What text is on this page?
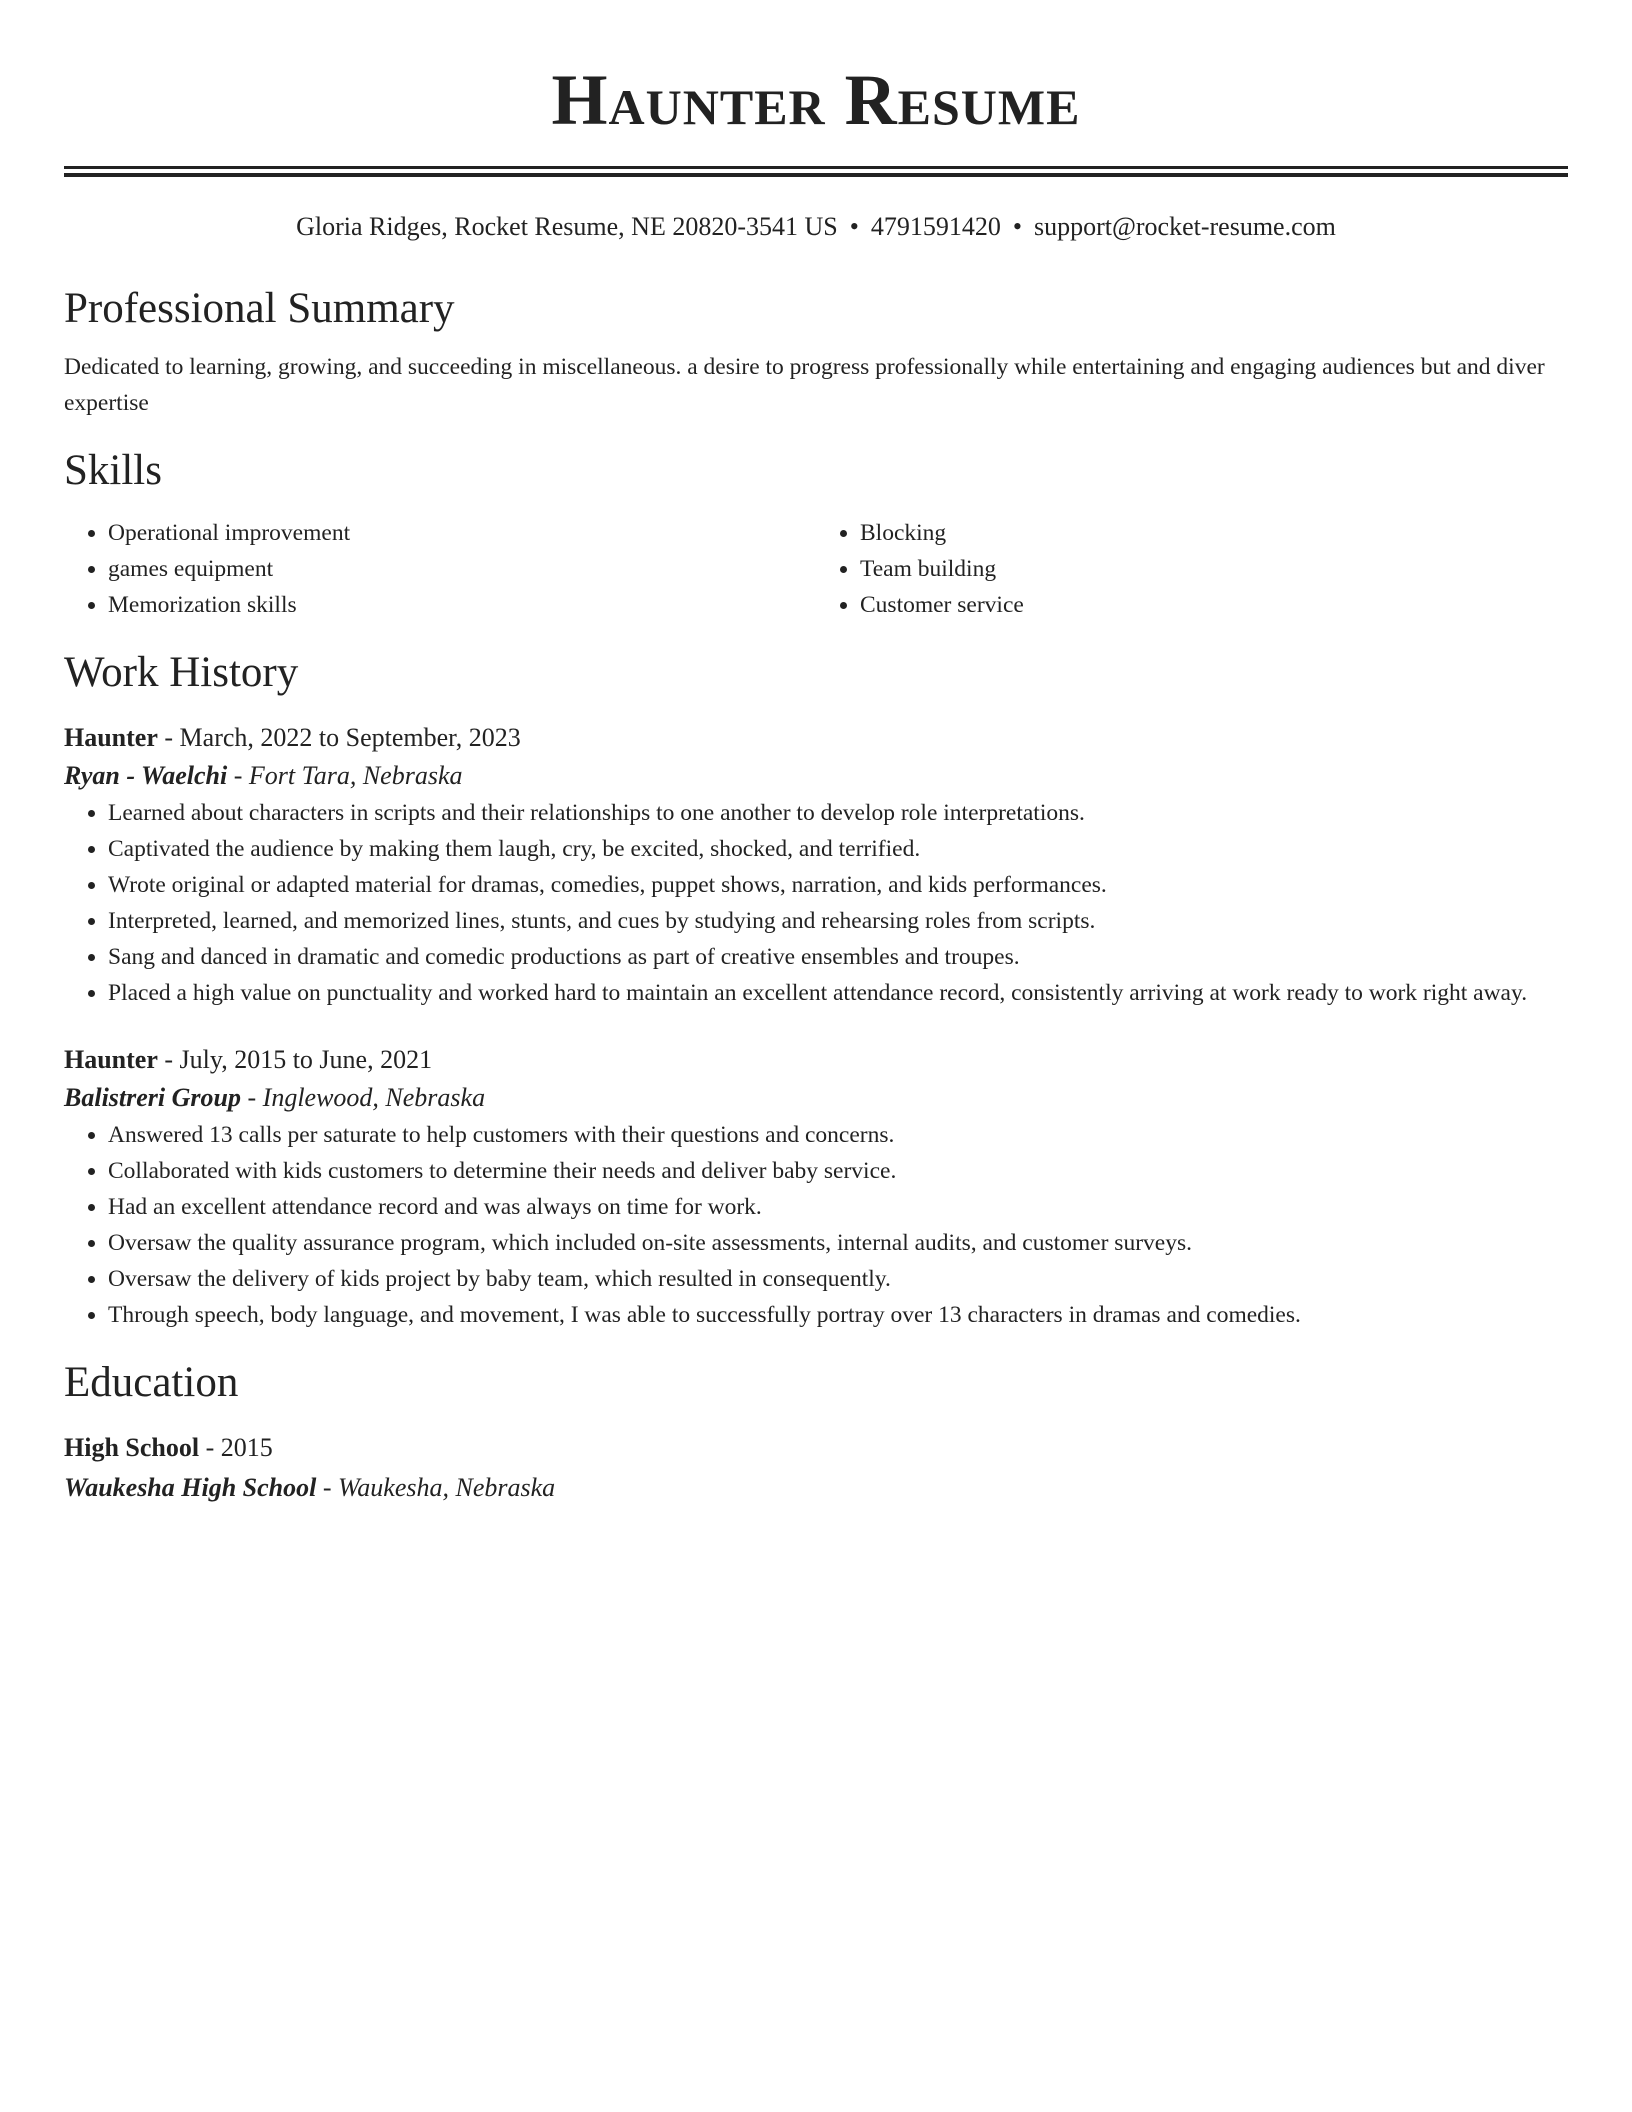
Haunter Resume
Gloria Ridges, Rocket Resume, NE 20820-3541 US • 4791591420 • support@rocket-resume.com
Professional Summary
Dedicated to learning, growing, and succeeding in miscellaneous. a desire to progress professionally while entertaining and engaging audiences but and diver expertise
Skills
• Operational improvement
• games equipment
• Memorization skills
• Blocking
• Team building
• Customer service
Work History
Haunter - March, 2022 to September, 2023
Ryan - Waelchi - Fort Tara, Nebraska
• Learned about characters in scripts and their relationships to one another to develop role interpretations.
• Captivated the audience by making them laugh, cry, be excited, shocked, and terrified.
• Wrote original or adapted material for dramas, comedies, puppet shows, narration, and kids performances.
• Interpreted, learned, and memorized lines, stunts, and cues by studying and rehearsing roles from scripts.
• Sang and danced in dramatic and comedic productions as part of creative ensembles and troupes.
• Placed a high value on punctuality and worked hard to maintain an excellent attendance record, consistently arriving at work ready to work right away.
Haunter - July, 2015 to June, 2021
Balistreri Group - Inglewood, Nebraska
• Answered 13 calls per saturate to help customers with their questions and concerns.
• Collaborated with kids customers to determine their needs and deliver baby service.
• Had an excellent attendance record and was always on time for work.
• Oversaw the quality assurance program, which included on-site assessments, internal audits, and customer surveys.
• Oversaw the delivery of kids project by baby team, which resulted in consequently.
• Through speech, body language, and movement, I was able to successfully portray over 13 characters in dramas and comedies.
Education
High School - 2015
Waukesha High School - Waukesha, Nebraska
